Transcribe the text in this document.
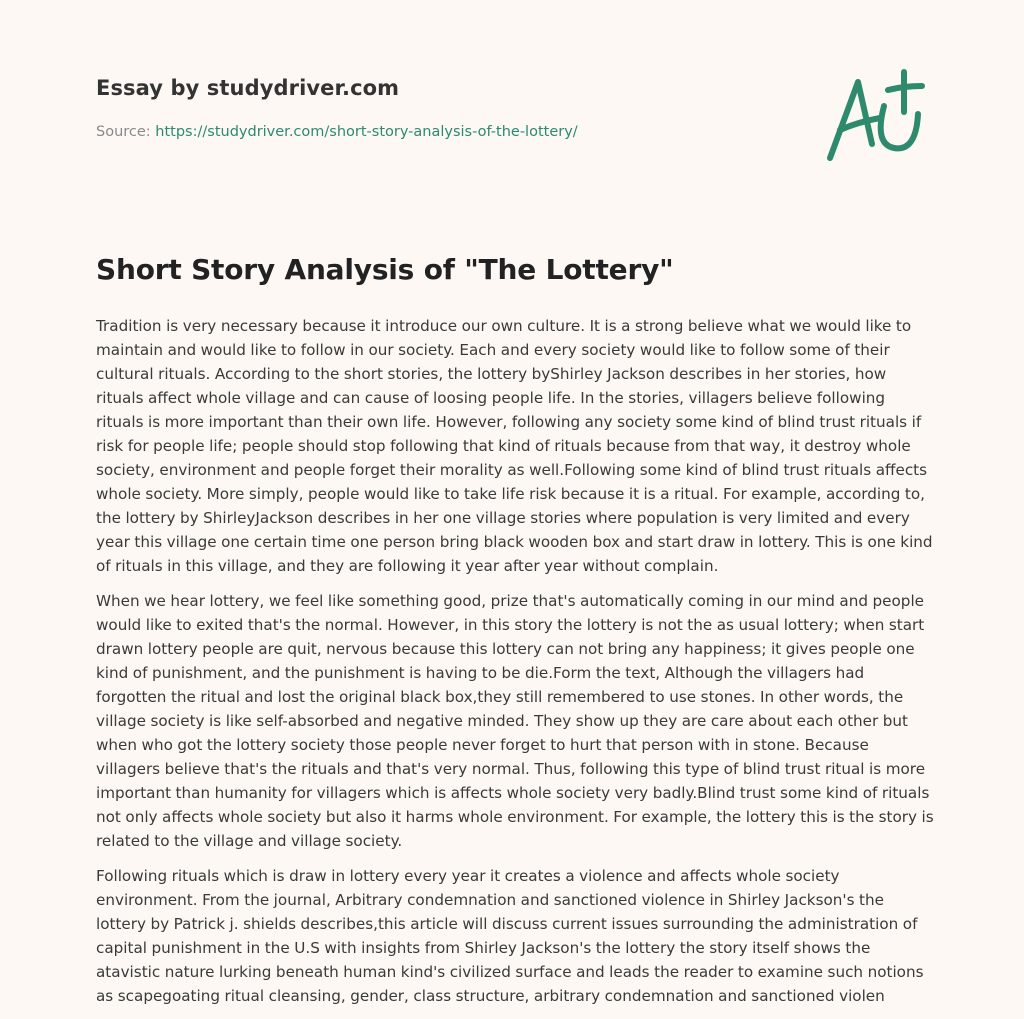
Essay by studydriver.com
Source: https://studydriver.com/short-story-analysis-of-the-lottery/
Short Story Analysis of "The Lottery"

Tradition is very necessary because it introduce our own culture. It is a strong believe what we would like to maintain and would like to follow in our society. Each and every society would like to follow some of their cultural rituals. According to the short stories, the lottery byShirley Jackson describes in her stories, how rituals affect whole village and can cause of loosing people life. In the stories, villagers believe following rituals is more important than their own life. However, following any society some kind of blind trust rituals if risk for people life; people should stop following that kind of rituals because from that way, it destroy whole society, environment and people forget their morality as well.Following some kind of blind trust rituals affects whole society. More simply, people would like to take life risk because it is a ritual. For example, according to, the lottery by ShirleyJackson describes in her one village stories where population is very limited and every year this village one certain time one person bring black wooden box and start draw in lottery. This is one kind of rituals in this village, and they are following it year after year without complain.

When we hear lottery, we feel like something good, prize that's automatically coming in our mind and people would like to exited that's the normal. However, in this story the lottery is not the as usual lottery; when start drawn lottery people are quit, nervous because this lottery can not bring any happiness; it gives people one kind of punishment, and the punishment is having to be die.Form the text, Although the villagers had forgotten the ritual and lost the original black box,they still remembered to use stones. In other words, the village society is like self-absorbed and negative minded. They show up they are care about each other but when who got the lottery society those people never forget to hurt that person with in stone. Because villagers believe that's the rituals and that's very normal. Thus, following this type of blind trust ritual is more important than humanity for villagers which is affects whole society very badly.Blind trust some kind of rituals not only affects whole society but also it harms whole environment. For example, the lottery this is the story is related to the village and village society.

Following rituals which is draw in lottery every year it creates a violence and affects whole society environment. From the journal, Arbitrary condemnation and sanctioned violence in Shirley Jackson's the lottery by Patrick j. shields describes,this article will discuss current issues surrounding the administration of capital punishment in the U.S with insights from Shirley Jackson's the lottery the story itself shows the atavistic nature lurking beneath human kind's civilized surface and leads the reader to examine such notions as scapegoating ritual cleansing, gender, class structure, arbitrary condemnation and sanctioned violen
